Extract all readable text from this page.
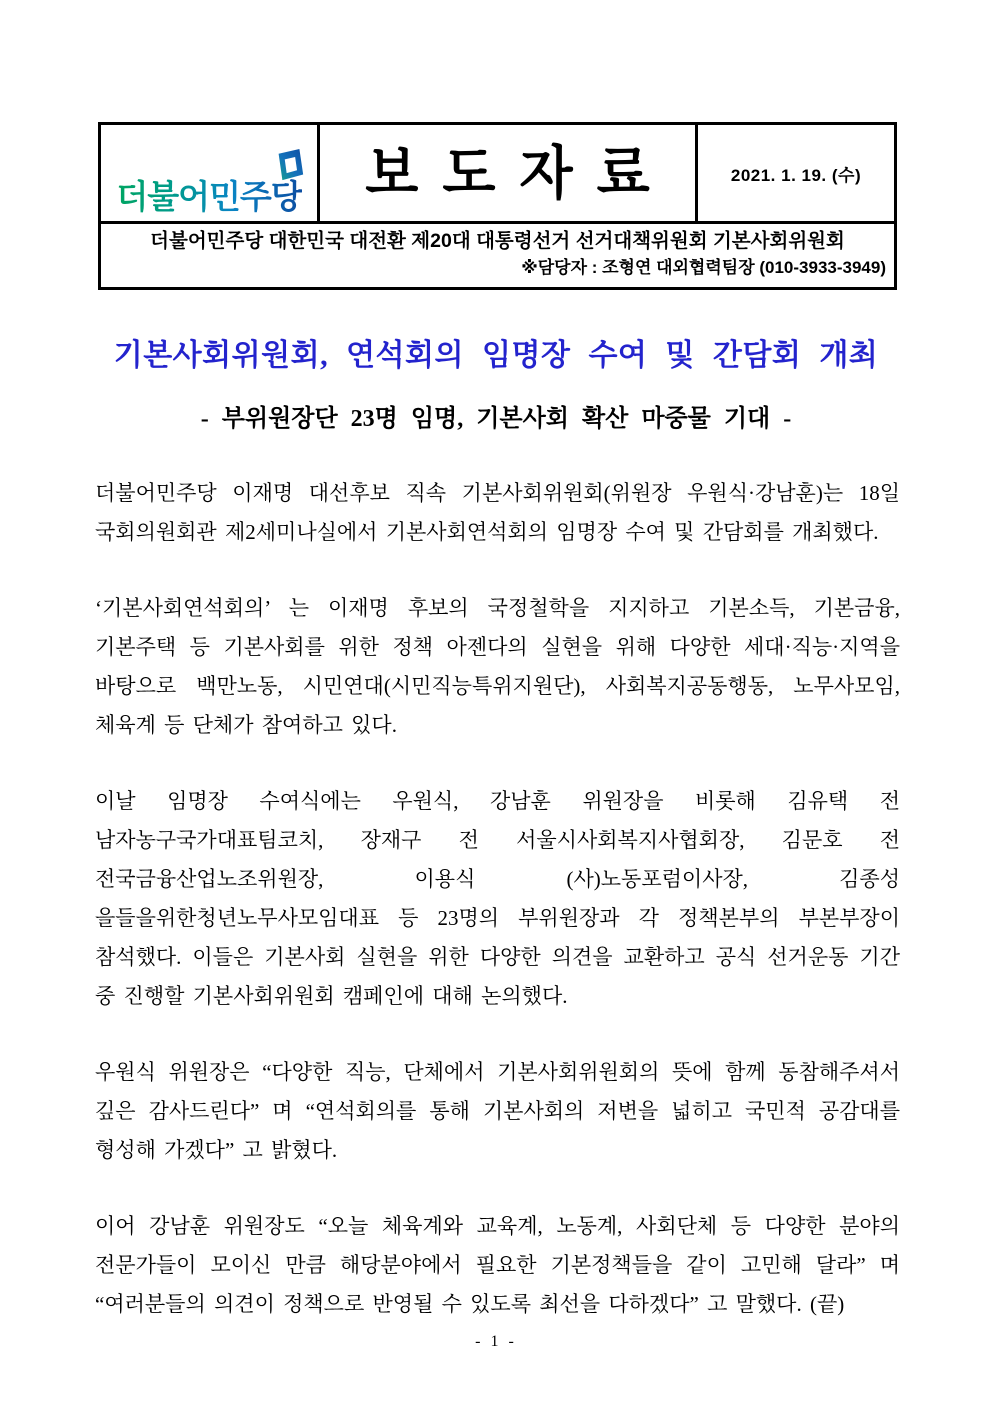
더불어민주당	보도자료	2021. 1. 19. (수)
더불어민주당 대한민국 대전환 제20대 대통령선거 선거대책위원회 기본사회위원회
※담당자 : 조형연 대외협력팀장 (010-3933-3949)
기본사회위원회, 연석회의 임명장 수여 및 간담회 개최
- 부위원장단 23명 임명, 기본사회 확산 마중물 기대 -

더불어민주당 이재명 대선후보 직속 기본사회위원회(위원장 우원식·강남훈)는 18일 국회의원회관 제2세미나실에서 기본사회연석회의 임명장 수여 및 간담회를 개최했다.

‘기본사회연석회의’ 는 이재명 후보의 국정철학을 지지하고 기본소득, 기본금융, 기본주택 등 기본사회를 위한 정책 아젠다의 실현을 위해 다양한 세대·직능·지역을 바탕으로 백만노동, 시민연대(시민직능특위지원단), 사회복지공동행동, 노무사모임, 체육계 등 단체가 참여하고 있다.

이날 임명장 수여식에는 우원식, 강남훈 위원장을 비롯해 김유택 전 남자농구국가대표팀코치, 장재구 전 서울시사회복지사협회장, 김문호 전 전국금융산업노조위원장, 이용식 (사)노동포럼이사장, 김종성 을들을위한청년노무사모임대표 등 23명의 부위원장과 각 정책본부의 부본부장이 참석했다. 이들은 기본사회 실현을 위한 다양한 의견을 교환하고 공식 선거운동 기간 중 진행할 기본사회위원회 캠페인에 대해 논의했다.

우원식 위원장은 “다양한 직능, 단체에서 기본사회위원회의 뜻에 함께 동참해주셔서 깊은 감사드린다” 며 “연석회의를 통해 기본사회의 저변을 넓히고 국민적 공감대를 형성해 가겠다” 고 밝혔다.

이어 강남훈 위원장도 “오늘 체육계와 교육계, 노동계, 사회단체 등 다양한 분야의 전문가들이 모이신 만큼 해당분야에서 필요한 기본정책들을 같이 고민해 달라” 며 “여러분들의 의견이 정책으로 반영될 수 있도록 최선을 다하겠다” 고 말했다. (끝)

- 1 -
